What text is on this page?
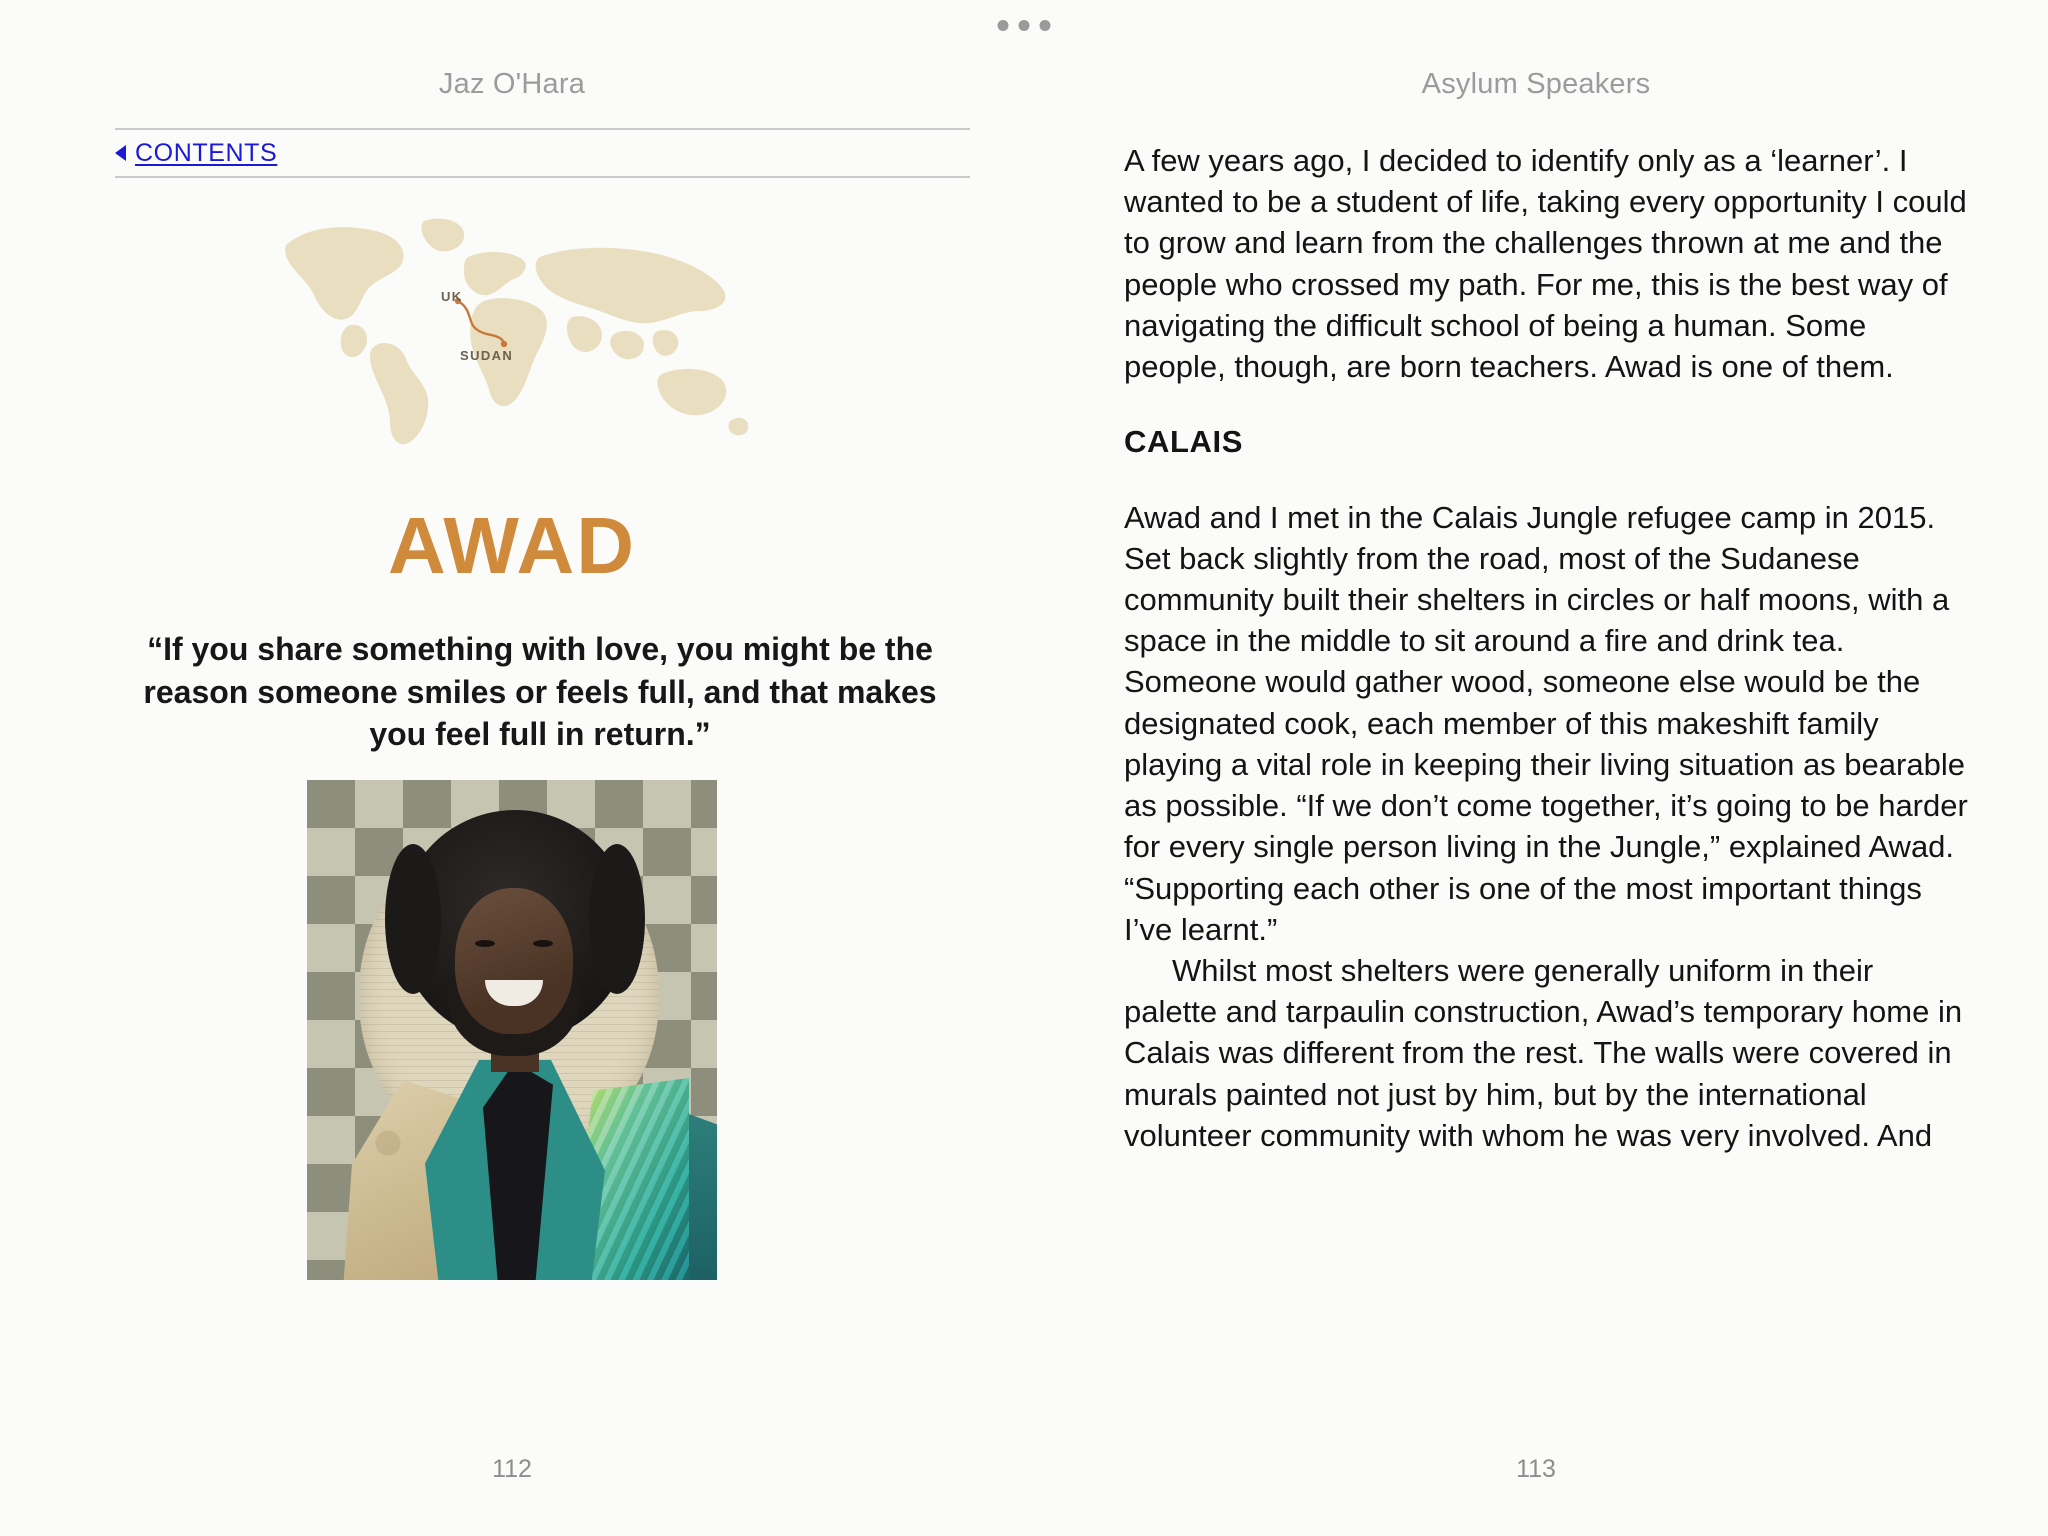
Jaz O'Hara
CONTENTS
UK
SUDAN
AWAD
“If you share something with love, you might be the reason someone smiles or feels full, and that makes you feel full in return.”
112
Asylum Speakers

A few years ago, I decided to identify only as a ‘learner’. I wanted to be a student of life, taking every opportunity I could to grow and learn from the challenges thrown at me and the people who crossed my path. For me, this is the best way of navigating the difficult school of being a human. Some people, though, are born teachers. Awad is one of them.

CALAIS

Awad and I met in the Calais Jungle refugee camp in 2015. Set back slightly from the road, most of the Sudanese community built their shelters in circles or half moons, with a space in the middle to sit around a fire and drink tea. Someone would gather wood, someone else would be the designated cook, each member of this makeshift family playing a vital role in keeping their living situation as bearable as possible. “If we don’t come together, it’s going to be harder for every single person living in the Jungle,” explained Awad. “Supporting each other is one of the most important things I’ve learnt.”

Whilst most shelters were generally uniform in their palette and tarpaulin construction, Awad’s temporary home in Calais was different from the rest. The walls were covered in murals painted not just by him, but by the international volunteer community with whom he was very involved. And

113
